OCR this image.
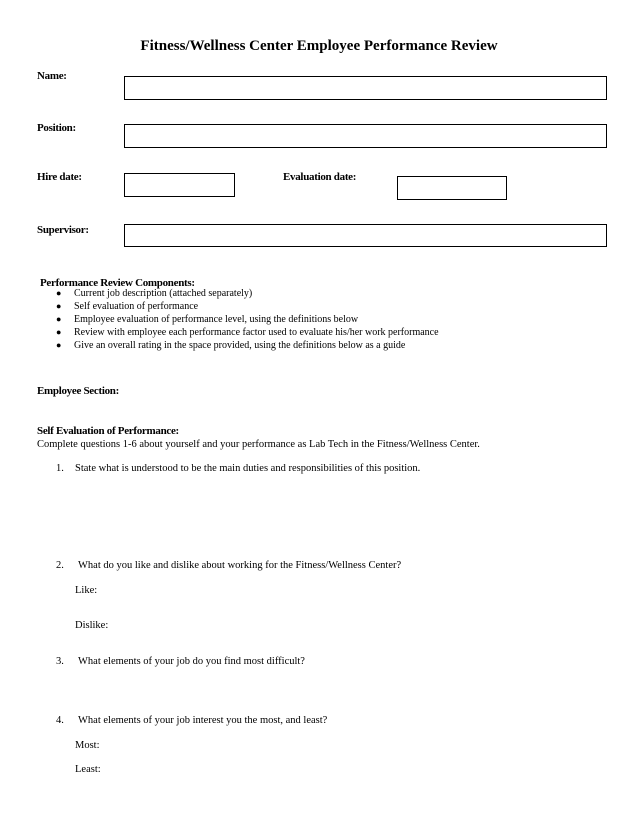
Fitness/Wellness Center Employee Performance Review
Name:
Position:
Hire date:	Evaluation date:
Supervisor:
Performance Review Components:
● Current job description (attached separately)
● Self evaluation of performance
● Employee evaluation of performance level, using the definitions below
● Review with employee each performance factor used to evaluate his/her work performance
● Give an overall rating in the space provided, using the definitions below as a guide
Employee Section:
Self Evaluation of Performance:
Complete questions 1-6 about yourself and your performance as Lab Tech in the Fitness/Wellness Center.
1. State what is understood to be the main duties and responsibilities of this position.
2. What do you like and dislike about working for the Fitness/Wellness Center?
Like:
Dislike:
3. What elements of your job do you find most difficult?
4. What elements of your job interest you the most, and least?
Most:
Least:
